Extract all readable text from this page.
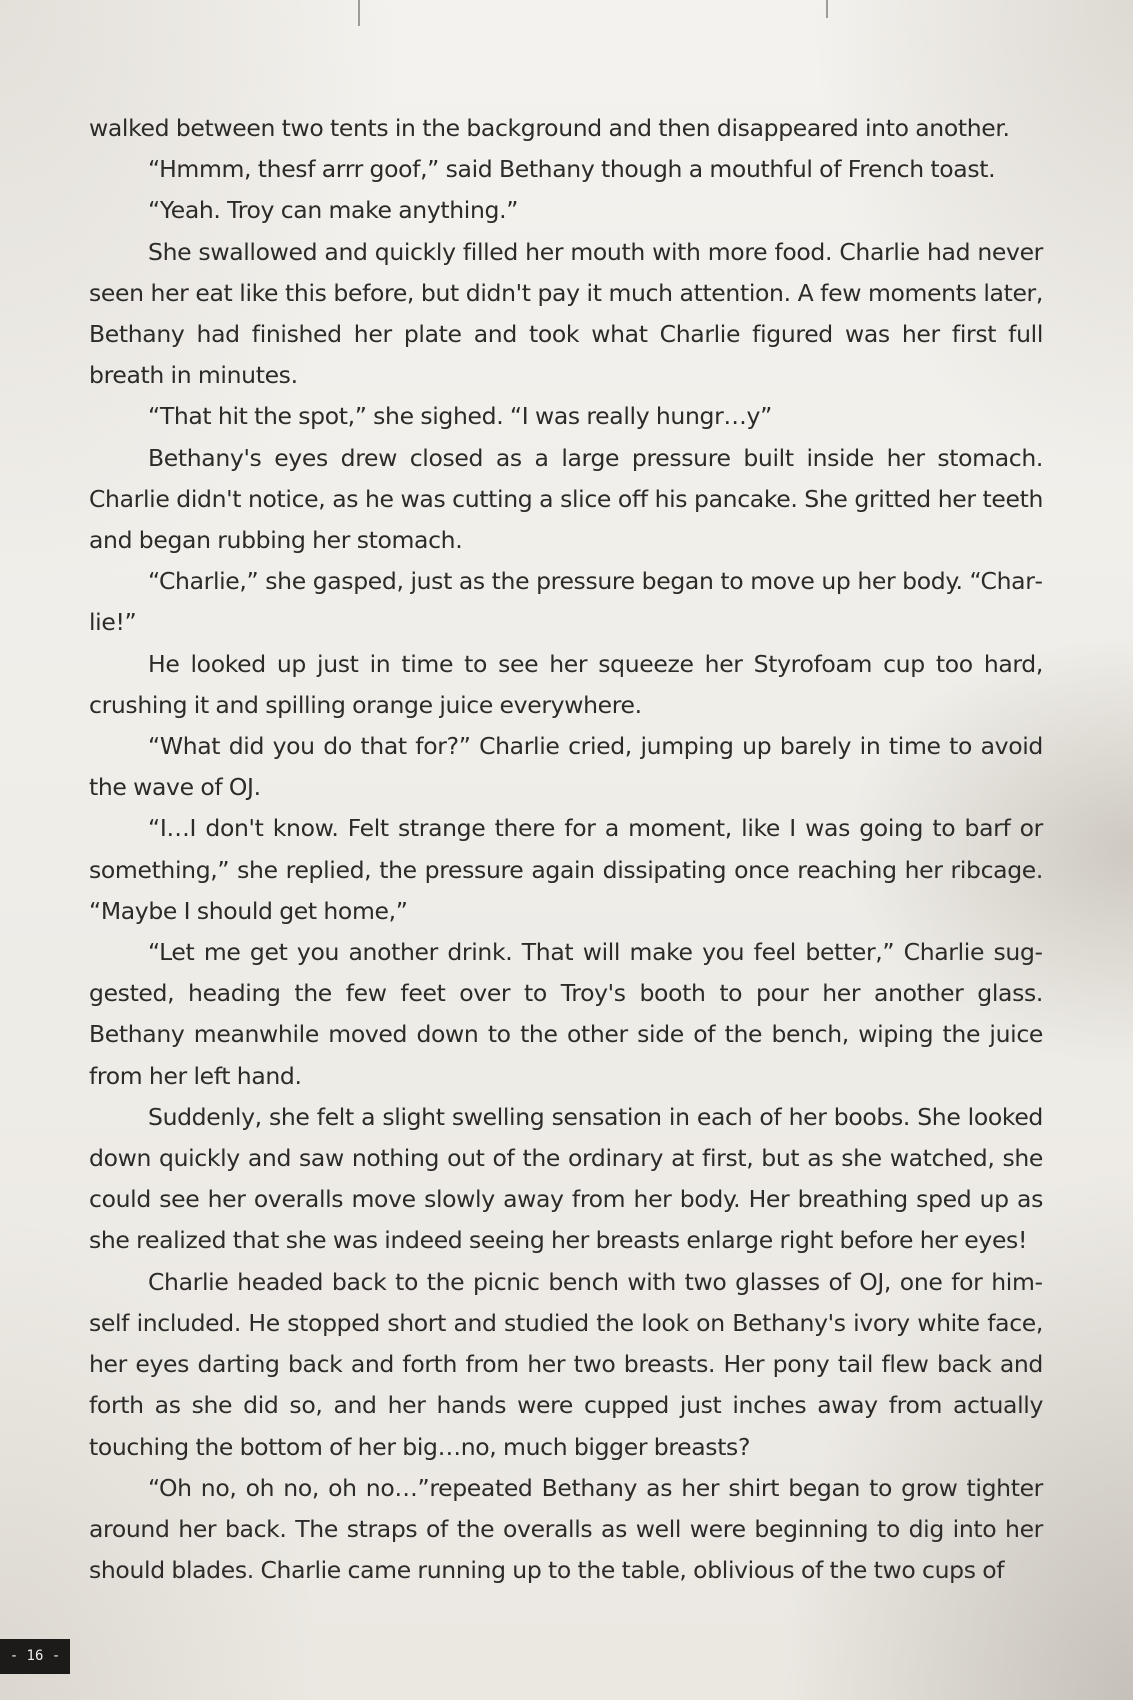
walked between two tents in the background and then disappeared into another.

“Hmmm, thesf arrr goof,” said Bethany though a mouthful of French toast.

“Yeah. Troy can make anything.”

She swallowed and quickly filled her mouth with more food. Charlie had never seen her eat like this before, but didn't pay it much attention. A few moments later, Bethany had finished her plate and took what Charlie figured was her first full breath in minutes.

“That hit the spot,” she sighed. “I was really hungr…y”

Bethany's eyes drew closed as a large pressure built inside her stomach. Charlie didn't notice, as he was cutting a slice off his pancake. She gritted her teeth and began rubbing her stomach.

“Charlie,” she gasped, just as the pressure began to move up her body. “Charlie!”

He looked up just in time to see her squeeze her Styrofoam cup too hard, crushing it and spilling orange juice everywhere.

“What did you do that for?” Charlie cried, jumping up barely in time to avoid the wave of OJ.

“I…I don't know. Felt strange there for a moment, like I was going to barf or something,” she replied, the pressure again dissipating once reaching her ribcage. “Maybe I should get home,”

“Let me get you another drink. That will make you feel better,” Charlie suggested, heading the few feet over to Troy's booth to pour her another glass. Bethany meanwhile moved down to the other side of the bench, wiping the juice from her left hand.

Suddenly, she felt a slight swelling sensation in each of her boobs. She looked down quickly and saw nothing out of the ordinary at first, but as she watched, she could see her overalls move slowly away from her body. Her breathing sped up as she realized that she was indeed seeing her breasts enlarge right before her eyes!

Charlie headed back to the picnic bench with two glasses of OJ, one for himself included. He stopped short and studied the look on Bethany's ivory white face, her eyes darting back and forth from her two breasts. Her pony tail flew back and forth as she did so, and her hands were cupped just inches away from actually touching the bottom of her big…no, much bigger breasts?

“Oh no, oh no, oh no…”repeated Bethany as her shirt began to grow tighter around her back. The straps of the overalls as well were beginning to dig into her should blades. Charlie came running up to the table, oblivious of the two cups of

- 16 -
